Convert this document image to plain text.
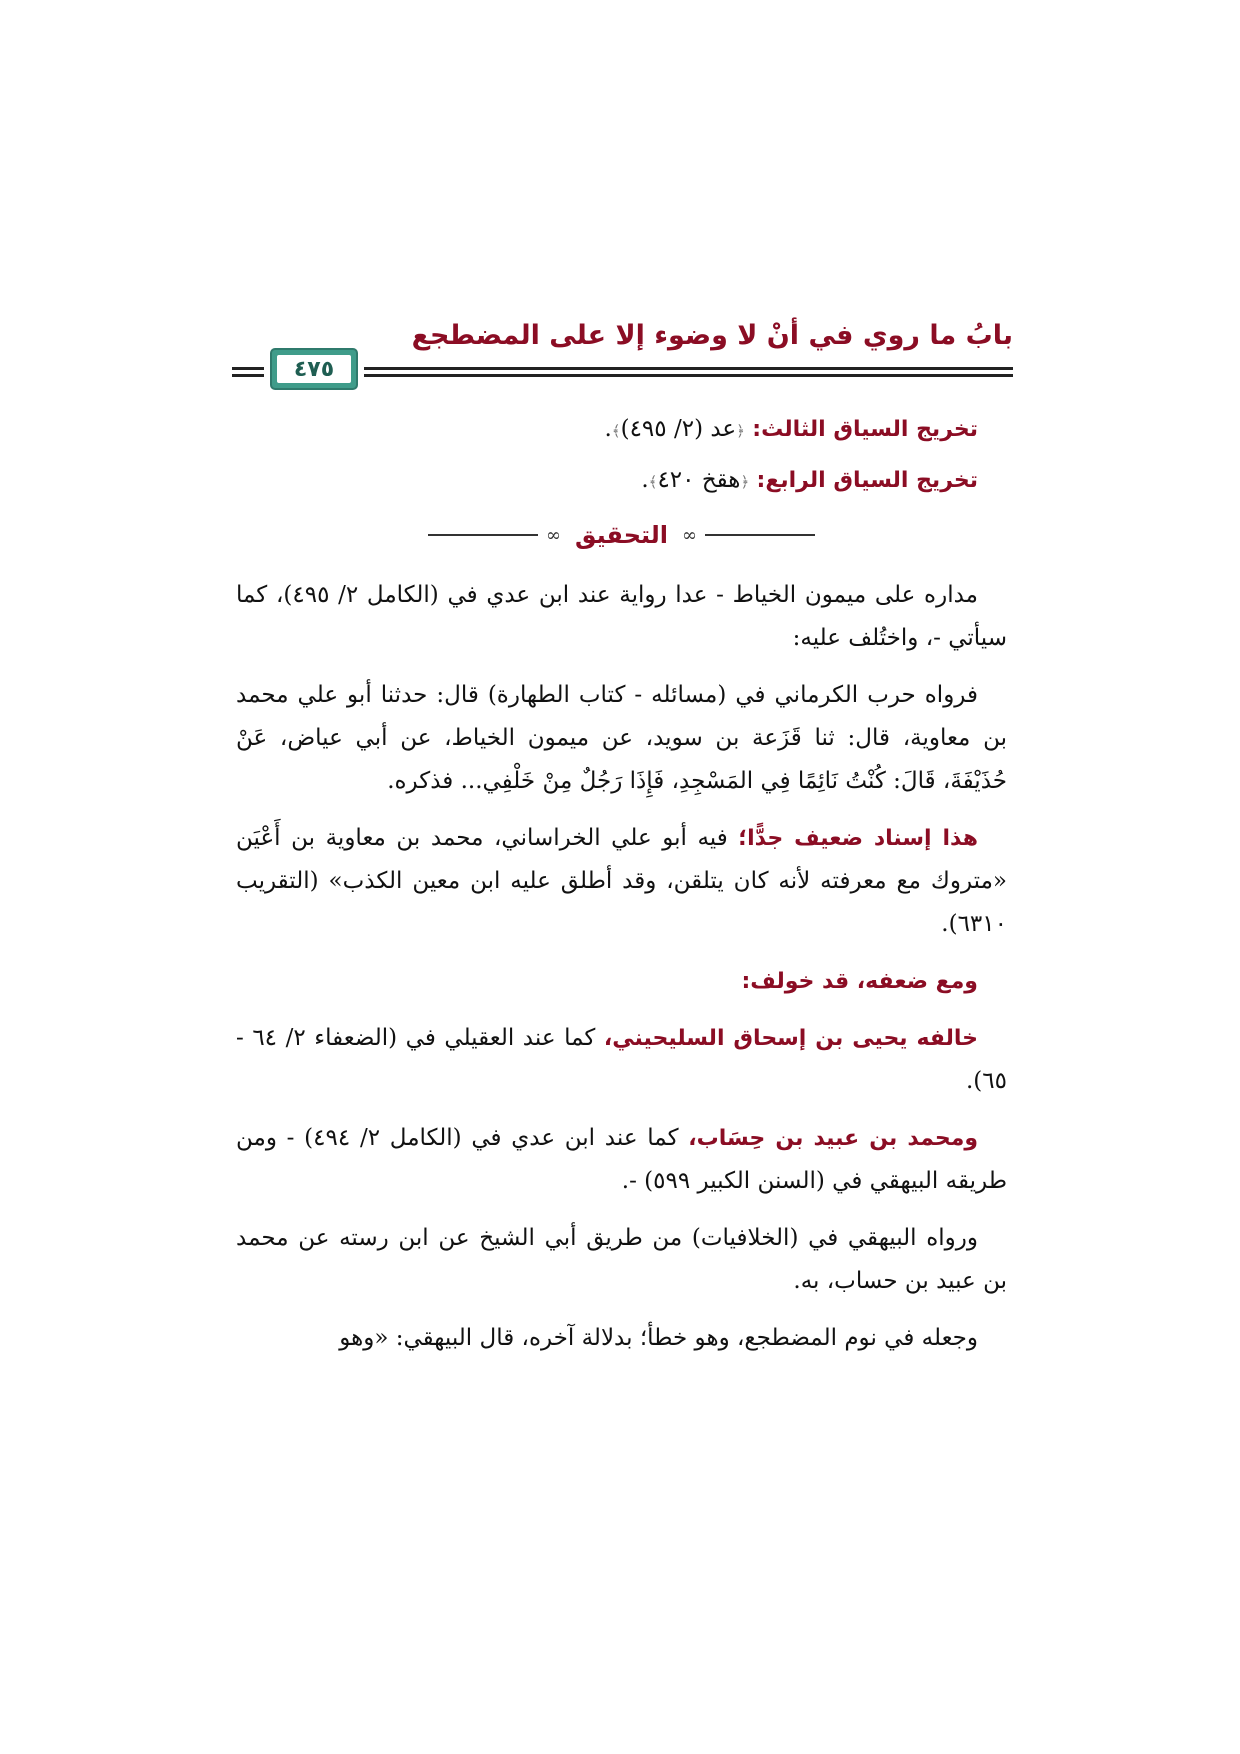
بابُ ما روي في أنْ لا وضوء إلا على المضطجع
٤٧٥

تخريج السياق الثالث: ﴿عد (٢/ ٤٩٥)﴾.

تخريج السياق الرابع: ﴿هقخ ٤٢٠﴾.

∞
التحقيق
∞

مداره على ميمون الخياط - عدا رواية عند ابن عدي في (الكامل ٢/ ٤٩٥)، كما سيأتي -، واختُلف عليه:

فرواه حرب الكرماني في (مسائله - كتاب الطهارة) قال: حدثنا أبو علي محمد بن معاوية، قال: ثنا قَزَعة بن سويد، عن ميمون الخياط، عن أبي عياض، عَنْ حُذَيْفَةَ، قَالَ: كُنْتُ نَائِمًا فِي المَسْجِدِ، فَإِذَا رَجُلٌ مِنْ خَلْفِي... فذكره.

هذا إسناد ضعيف جدًّا؛ فيه أبو علي الخراساني، محمد بن معاوية بن أَعْيَن «متروك مع معرفته لأنه كان يتلقن، وقد أطلق عليه ابن معين الكذب» (التقريب ٦٣١٠).

ومع ضعفه، قد خولف:

خالفه يحيى بن إسحاق السليحيني، كما عند العقيلي في (الضعفاء ٢/ ٦٤ - ٦٥).

ومحمد بن عبيد بن حِسَاب، كما عند ابن عدي في (الكامل ٢/ ٤٩٤) - ومن طريقه البيهقي في (السنن الكبير ٥٩٩) -.

ورواه البيهقي في (الخلافيات) من طريق أبي الشيخ عن ابن رسته عن محمد بن عبيد بن حساب، به.

وجعله في نوم المضطجع، وهو خطأ؛ بدلالة آخره، قال البيهقي: «وهو
